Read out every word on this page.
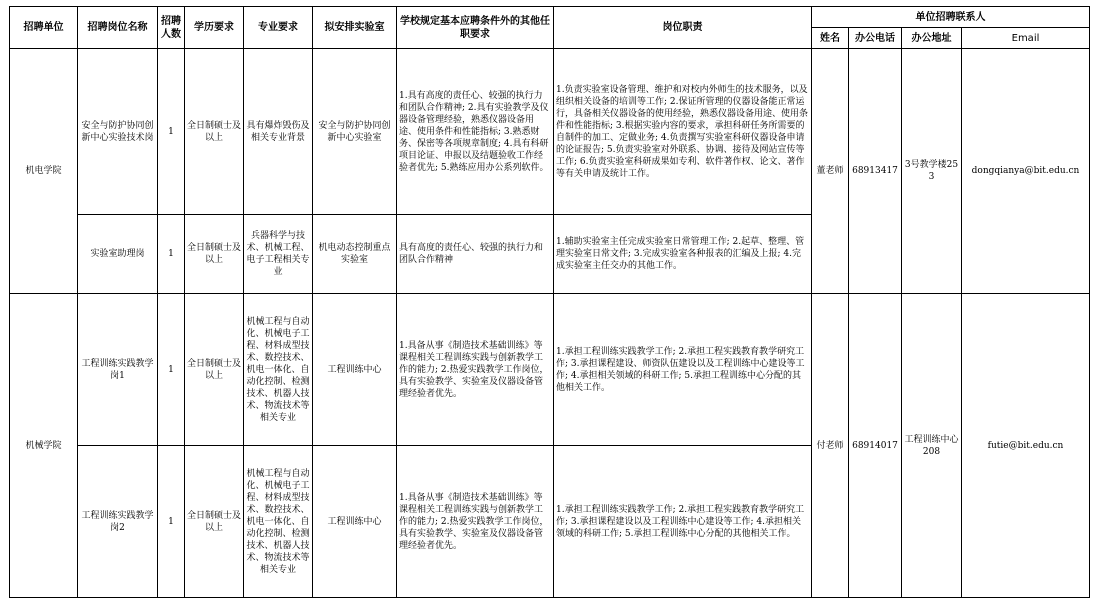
招聘单位	招聘岗位名称	招聘人数	学历要求	专业要求	拟安排实验室	学校规定基本应聘条件外的其他任职要求	岗位职责	单位招聘联系人			
								姓名	办公电话	办公地址	Email
机电学院	安全与防护协同创新中心实验技术岗	1	全日制硕士及以上	具有爆炸毁伤及相关专业背景	安全与防护协同创新中心实验室	1.具有高度的责任心、较强的执行力和团队合作精神; 2.具有实验教学及仪器设备管理经验，熟悉仪器设备用途、使用条件和性能指标; 3.熟悉财务、保密等各项规章制度; 4.具有科研项目论证、申报以及结题验收工作经验者优先; 5.熟练应用办公系列软件。	1.负责实验室设备管理、维护和对校内外师生的技术服务，以及组织相关设备的培训等工作; 2.保证所管理的仪器设备能正常运行，具备相关仪器设备的使用经验，熟悉仪器设备用途、使用条件和性能指标; 3.根据实验内容的要求，承担科研任务所需要的自制件的加工、定做业务; 4.负责撰写实验室科研仪器设备申请的论证报告; 5.负责实验室对外联系、协调、接待及网站宣传等工作; 6.负责实验室科研成果如专利、软件著作权、论文、著作等有关申请及统计工作。	董老师	68913417	3号教学楼253	dongqianya@bit.edu.cn
	实验室助理岗	1	全日制硕士及以上	兵器科学与技术、机械工程、电子工程相关专业	机电动态控制重点实验室	具有高度的责任心、较强的执行力和团队合作精神	1.辅助实验室主任完成实验室日常管理工作; 2.起草、整理、管理实验室日常文件; 3.完成实验室各种报表的汇编及上报; 4.完成实验室主任交办的其他工作。				
机械学院	工程训练实践教学岗1	1	全日制硕士及以上	机械工程与自动化、机械电子工程、材料成型技术、数控技术、机电一体化、自动化控制、检测技术、机器人技术、物流技术等相关专业	工程训练中心	1.具备从事《制造技术基础训练》等课程相关工程训练实践与创新教学工作的能力; 2.热爱实践教学工作岗位，具有实验教学、实验室及仪器设备管理经验者优先。	1.承担工程训练实践教学工作; 2.承担工程实践教育教学研究工作; 3.承担课程建设、师资队伍建设以及工程训练中心建设等工作; 4.承担相关领域的科研工作; 5.承担工程训练中心分配的其他相关工作。	付老师	68914017	工程训练中心208	futie@bit.edu.cn
	工程训练实践教学岗2	1	全日制硕士及以上	机械工程与自动化、机械电子工程、材料成型技术、数控技术、机电一体化、自动化控制、检测技术、机器人技术、物流技术等相关专业	工程训练中心	1.具备从事《制造技术基础训练》等课程相关工程训练实践与创新教学工作的能力; 2.热爱实践教学工作岗位，具有实验教学、实验室及仪器设备管理经验者优先。	1.承担工程训练实践教学工作; 2.承担工程实践教育教学研究工作; 3.承担课程建设以及工程训练中心建设等工作; 4.承担相关领域的科研工作; 5.承担工程训练中心分配的其他相关工作。				
